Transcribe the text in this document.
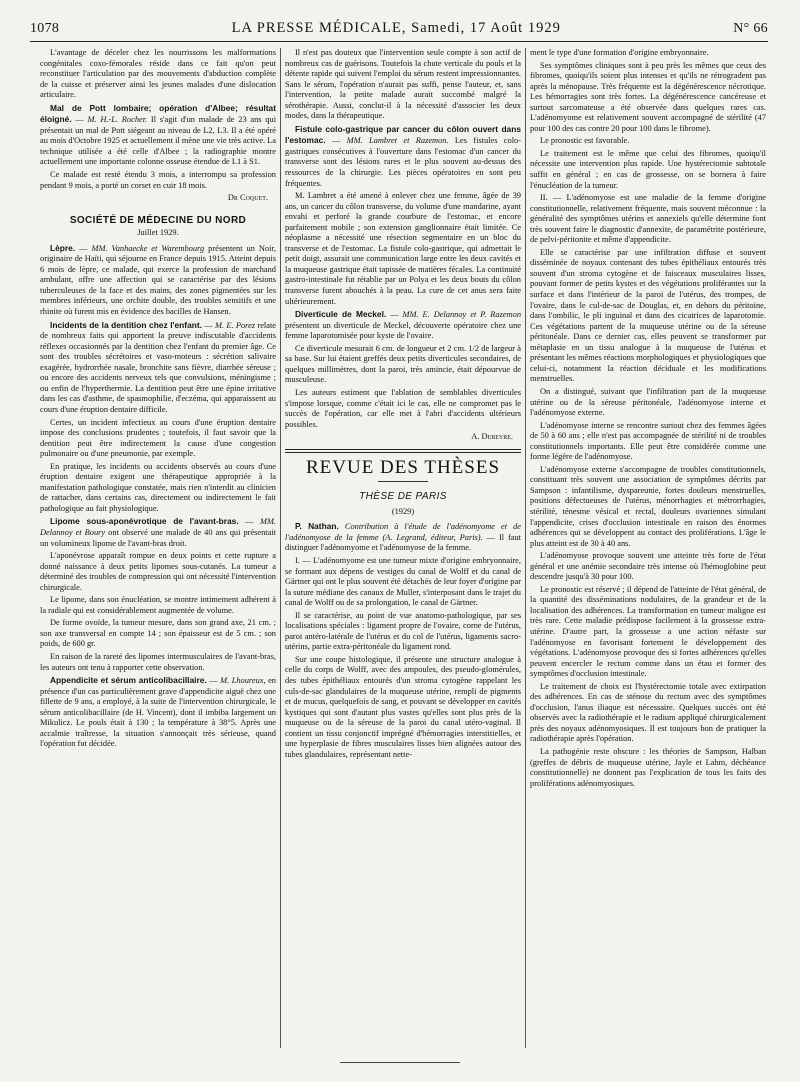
1078	LA PRESSE MÉDICALE, Samedi, 17 Août 1929	N° 66

L'avantage de déceler chez les nourrissons les malformations congénitales coxo-fémorales réside dans ce fait qu'on peut reconstituer l'articulation par des mouvements d'abduction complète de la cuisse et préserver ainsi les jeunes malades d'une dislocation articulaire.

Mal de Pott lombaire; opération d'Albee; résultat éloigné. — M. H.-L. Rocher. Il s'agit d'un malade de 23 ans qui présentait un mal de Pott siégeant au niveau de L2, L3. Il a été opéré au mois d'Octobre 1925 et actuellement il mène une vie très active. La technique utilisée a été celle d'Albee ; la radiographie montre actuellement une importante colonne osseuse étendue de L1 à S1.

Ce malade est resté étendu 3 mois, a interrompu sa profession pendant 9 mois, a porté un corset en cuir 18 mois.

Dr Coquet.
SOCIÉTÉ DE MÉDECINE DU NORD
Juillet 1929.

Lèpre. — MM. Vanhaecke et Warembourg présentent un Noir, originaire de Haïti, qui séjourne en France depuis 1915. Atteint depuis 6 mois de lèpre, ce malade, qui exerce la profession de marchand ambulant, offre une affection qui se caractérise par des lésions tuberculeuses de la face et des mains, des zones pigmentées sur les membres inférieurs, une orchite double, des troubles sensitifs et une rhinite où furent mis en évidence des bacilles de Hansen.

Incidents de la dentition chez l'enfant. — M. E. Porez relate de nombreux faits qui apportent la preuve indiscutable d'accidents réflexes occasionnés par la dentition chez l'enfant du premier âge. Ce sont des troubles sécrétoires et vaso-moteurs : sécrétion salivaire exagérée, hydrorrhée nasale, bronchite sans fièvre, diarrhée séreuse ; ou encore des accidents nerveux tels que convulsions, méningisme ; ou enfin de l'hyperthermie. La dentition peut être une épine irritative dans les cas d'asthme, de spasmophilie, d'eczéma, qui apparaissent au cours d'une éruption dentaire difficile.

Certes, un incident infectieux au cours d'une éruption dentaire impose des conclusions prudentes ; toutefois, il faut savoir que la dentition peut être indirectement la cause d'une congestion pulmonaire ou d'une pneumonie, par exemple.

En pratique, les incidents ou accidents observés au cours d'une éruption dentaire exigent une thérapeutique appropriée à la manifestation pathologique constatée, mais rien n'interdit au clinicien de rattacher, dans certains cas, directement ou indirectement le fait pathologique au fait physiologique.

Lipome sous-aponévrotique de l'avant-bras. — MM. Delannoy et Boury ont observé une malade de 40 ans qui présentait un volumineux lipome de l'avant-bras droit.

L'aponévrose apparaît rompue en deux points et cette rupture a donné naissance à deux petits lipomes sous-cutanés. La tumeur a déterminé des troubles de compression qui ont nécessité l'intervention chirurgicale.

Le lipome, dans son énucléation, se montre intimement adhérent à la radiale qui est considérablement augmentée de volume.

De forme ovoïde, la tumeur mesure, dans son grand axe, 21 cm. ; son axe transversal en compte 14 ; son épaisseur est de 5 cm. ; son poids, de 600 gr.

En raison de la rareté des lipomes intermusculaires de l'avant-bras, les auteurs ont tenu à rapporter cette observation.

Appendicite et sérum anticolibacillaire. — M. Lhoureux, en présence d'un cas particulièrement grave d'appendicite aiguë chez une fillette de 9 ans, a employé, à la suite de l'intervention chirurgicale, le sérum anticolibacillaire (de H. Vincent), dont il imbiba largement un Mikulicz. Le pouls était à 130 ; la température à 38°5. Après une accalmie traîtresse, la situation s'annonçait très sérieuse, quand l'opération fut décidée.

Il n'est pas douteux que l'intervention seule compte à son actif de nombreux cas de guérisons. Toutefois la chute verticale du pouls et la détente rapide qui suivent l'emploi du sérum restent impressionnantes. Sans le sérum, l'opération n'aurait pas suffi, pense l'auteur, et, sans l'intervention, la petite malade aurait succombé malgré la sérothérapie. Aussi, conclut-il à la nécessité d'associer les deux modes, dans la thérapeutique.

Fistule colo-gastrique par cancer du côlon ouvert dans l'estomac. — MM. Lambret et Razemon. Les fistules colo-gastriques consécutives à l'ouverture dans l'estomac d'un cancer du transverse sont des lésions rares et le plus souvent au-dessus des ressources de la chirurgie. Les pièces opératoires en sont peu fréquentes.

M. Lambret a été amené à enlever chez une femme, âgée de 39 ans, un cancer du côlon transverse, du volume d'une mandarine, ayant envahi et perforé la grande courbure de l'estomac, et encore parfaitement mobile ; son extension ganglionnaire était limitée. Ce néoplasme a nécessité une résection segmentaire en un bloc du transverse et de l'estomac. La fistule colo-gastrique, qui admettait le petit doigt, assurait une communication large entre les deux cavités et la muqueuse gastrique était tapissée de matières fécales. La continuité gastro-intestinale fut rétablie par un Polya et les deux bouts du côlon transverse furent abouchés à la peau. La cure de cet anus sera faite ultérieurement.

Diverticule de Meckel. — MM. E. Delannoy et P. Razemon présentent un diverticule de Meckel, découverte opératoire chez une femme laparotomisée pour kyste de l'ovaire.

Ce diverticule mesurait 6 cm. de longueur et 2 cm. 1/2 de largeur à sa base. Sur lui étaient greffés deux petits diverticules secondaires, de quelques millimètres, dont la paroi, très amincie, était dépourvue de musculeuse.

Les auteurs estiment que l'ablation de semblables diverticules s'impose lorsque, comme c'était ici le cas, elle ne compromet pas le succès de l'opération, car elle met à l'abri d'accidents ultérieurs possibles.

A. Debeyre.
REVUE DES THÈSES
THÈSE DE PARIS
(1929)

P. Nathan. Contribution à l'étude de l'adénomyome et de l'adénomyose de la femme (A. Legrand, éditeur, Paris). — Il faut distinguer l'adénomyome et l'adénomyose de la femme.

I. — L'adénomyome est une tumeur mixte d'origine embryonnaire, se formant aux dépens de vestiges du canal de Wolff et du canal de Gärtner qui ont le plus souvent été détachés de leur foyer d'origine par la suture médiane des canaux de Muller, s'interposant dans le trajet du canal de Wolff ou de sa prolongation, le canal de Gärtner.

Il se caractérise, au point de vue anatomo-pathologique, par ses localisations spéciales : ligament propre de l'ovaire, corne de l'utérus, paroi antéro-latérale de l'utérus et du col de l'utérus, ligaments sacro-utérins, partie extra-péritonéale du ligament rond.

Sur une coupe histologique, il présente une structure analogue à celle du corps de Wolff, avec des ampoules, des pseudo-glomérules, des tubes épithéliaux entourés d'un stroma cytogène rappelant les culs-de-sac glandulaires de la muqueuse utérine, rempli de pigments et de mucus, quelquefois de sang, et pouvant se développer en cavités kystiques qui sont d'autant plus vastes qu'elles sont plus près de la muqueuse ou de la séreuse de la paroi du canal utéro-vaginal. Il contient un tissu conjonctif imprégné d'hémorragies interstitielles, et une hyperplasie de fibres musculaires lisses bien alignées autour des tubes glandulaires, représentant nette-

ment le type d'une formation d'origine embryonnaire.

Ses symptômes cliniques sont à peu près les mêmes que ceux des fibromes, quoiqu'ils soient plus intenses et qu'ils ne rétrogradent pas après la ménopause. Très fréquente est la dégénérescence nécrotique. Les hémorragies sont très fortes. La dégénérescence cancéreuse et surtout sarcomateuse a été observée dans quelques rares cas. L'adénomyome est relativement souvent accompagné de stérilité (47 pour 100 des cas contre 20 pour 100 dans le fibrome).

Le pronostic est favorable.

Le traitement est le même que celui des fibromes, quoiqu'il nécessite une intervention plus rapide. Une hystérectomie subtotale suffit en général ; en cas de grossesse, on se bornera à faire l'énucléation de la tumeur.

II. — L'adénomyose est une maladie de la femme d'origine constitutionnelle, relativement fréquente, mais souvent méconnue : la généralité des symptômes utérins et annexiels qu'elle détermine font très souvent faire le diagnostic d'annexite, de paramétrite postérieure, de pelvi-péritonite et même d'appendicite.

Elle se caractérise par une infiltration diffuse et souvent disséminée de noyaux contenant des tubes épithéliaux entourés très souvent d'un stroma cytogène et de faisceaux musculaires lisses, pouvant former de petits kystes et des végétations proliférantes sur la surface et dans l'intérieur de la paroi de l'utérus, des trompes, de l'ovaire, dans le cul-de-sac de Douglas, et, en dehors du péritoine, dans l'ombilic, le pli inguinal et dans des cicatrices de laparotomie. Ces végétations partent de la muqueuse utérine ou de la séreuse péritonéale. Dans ce dernier cas, elles peuvent se transformer par métaplasie en un tissu analogue à la muqueuse de l'utérus et présentant les mêmes réactions morphologiques et physiologiques que celui-ci, notamment la réaction déciduale et les modifications menstruelles.

On a distingué, suivant que l'infiltration part de la muqueuse utérine ou de la séreuse péritonéale, l'adénomyose interne et l'adénomyose externe.

L'adénomyose interne se rencontre surtout chez des femmes âgées de 50 à 60 ans ; elle n'est pas accompagnée de stérilité ni de troubles constitutionnels importants. Elle peut être considérée comme une forme légère de l'adénomyose.

L'adénomyose externe s'accompagne de troubles constitutionnels, constituant très souvent une association de symptômes décrits par Sampson : infantilisme, dyspareunie, fortes douleurs menstruelles, positions défectueuses de l'utérus, ménorrhagies et métrorrhagies, stérilité, ténesme vésical et rectal, douleurs ovariennes simulant l'appendicite, crises d'occlusion intestinale en raison des énormes adhérences qui se développent au contact des proliférations. L'âge le plus atteint est de 30 à 40 ans.

L'adénomyose provoque souvent une atteinte très forte de l'état général et une anémie secondaire très intense où l'hémoglobine peut descendre jusqu'à 30 pour 100.

Le pronostic est réservé ; il dépend de l'atteinte de l'état général, de la quantité des disséminations nodulaires, de la grandeur et de la localisation des adhérences. La transformation en tumeur maligne est très rare. Cette maladie prédispose facilement à la grossesse extra-utérine. D'autre part, la grossesse a une action néfaste sur l'adénomyose en favorisant fortement le développement des végétations. L'adénomyose provoque des si fortes adhérences qu'elles peuvent encercler le rectum comme dans un étau et former des symptômes d'occlusion intestinale.

Le traitement de choix est l'hystérectomie totale avec extirpation des adhérences. En cas de sténose du rectum avec des symptômes d'occlusion, l'anus iliaque est nécessaire. Quelques succès ont été observés avec la radiothérapie et le radium appliqué chirurgicalement près des noyaux adénomyosiques. Il est toujours bon de pratiquer la radiothérapie après l'opération.

La pathogénie reste obscure : les théories de Sampson, Halban (greffes de débris de muqueuse utérine, Jayle et Lahm, déchéance constitutionnelle) ne donnent pas l'explication de tous les faits des proliférations adénomyosiques.
